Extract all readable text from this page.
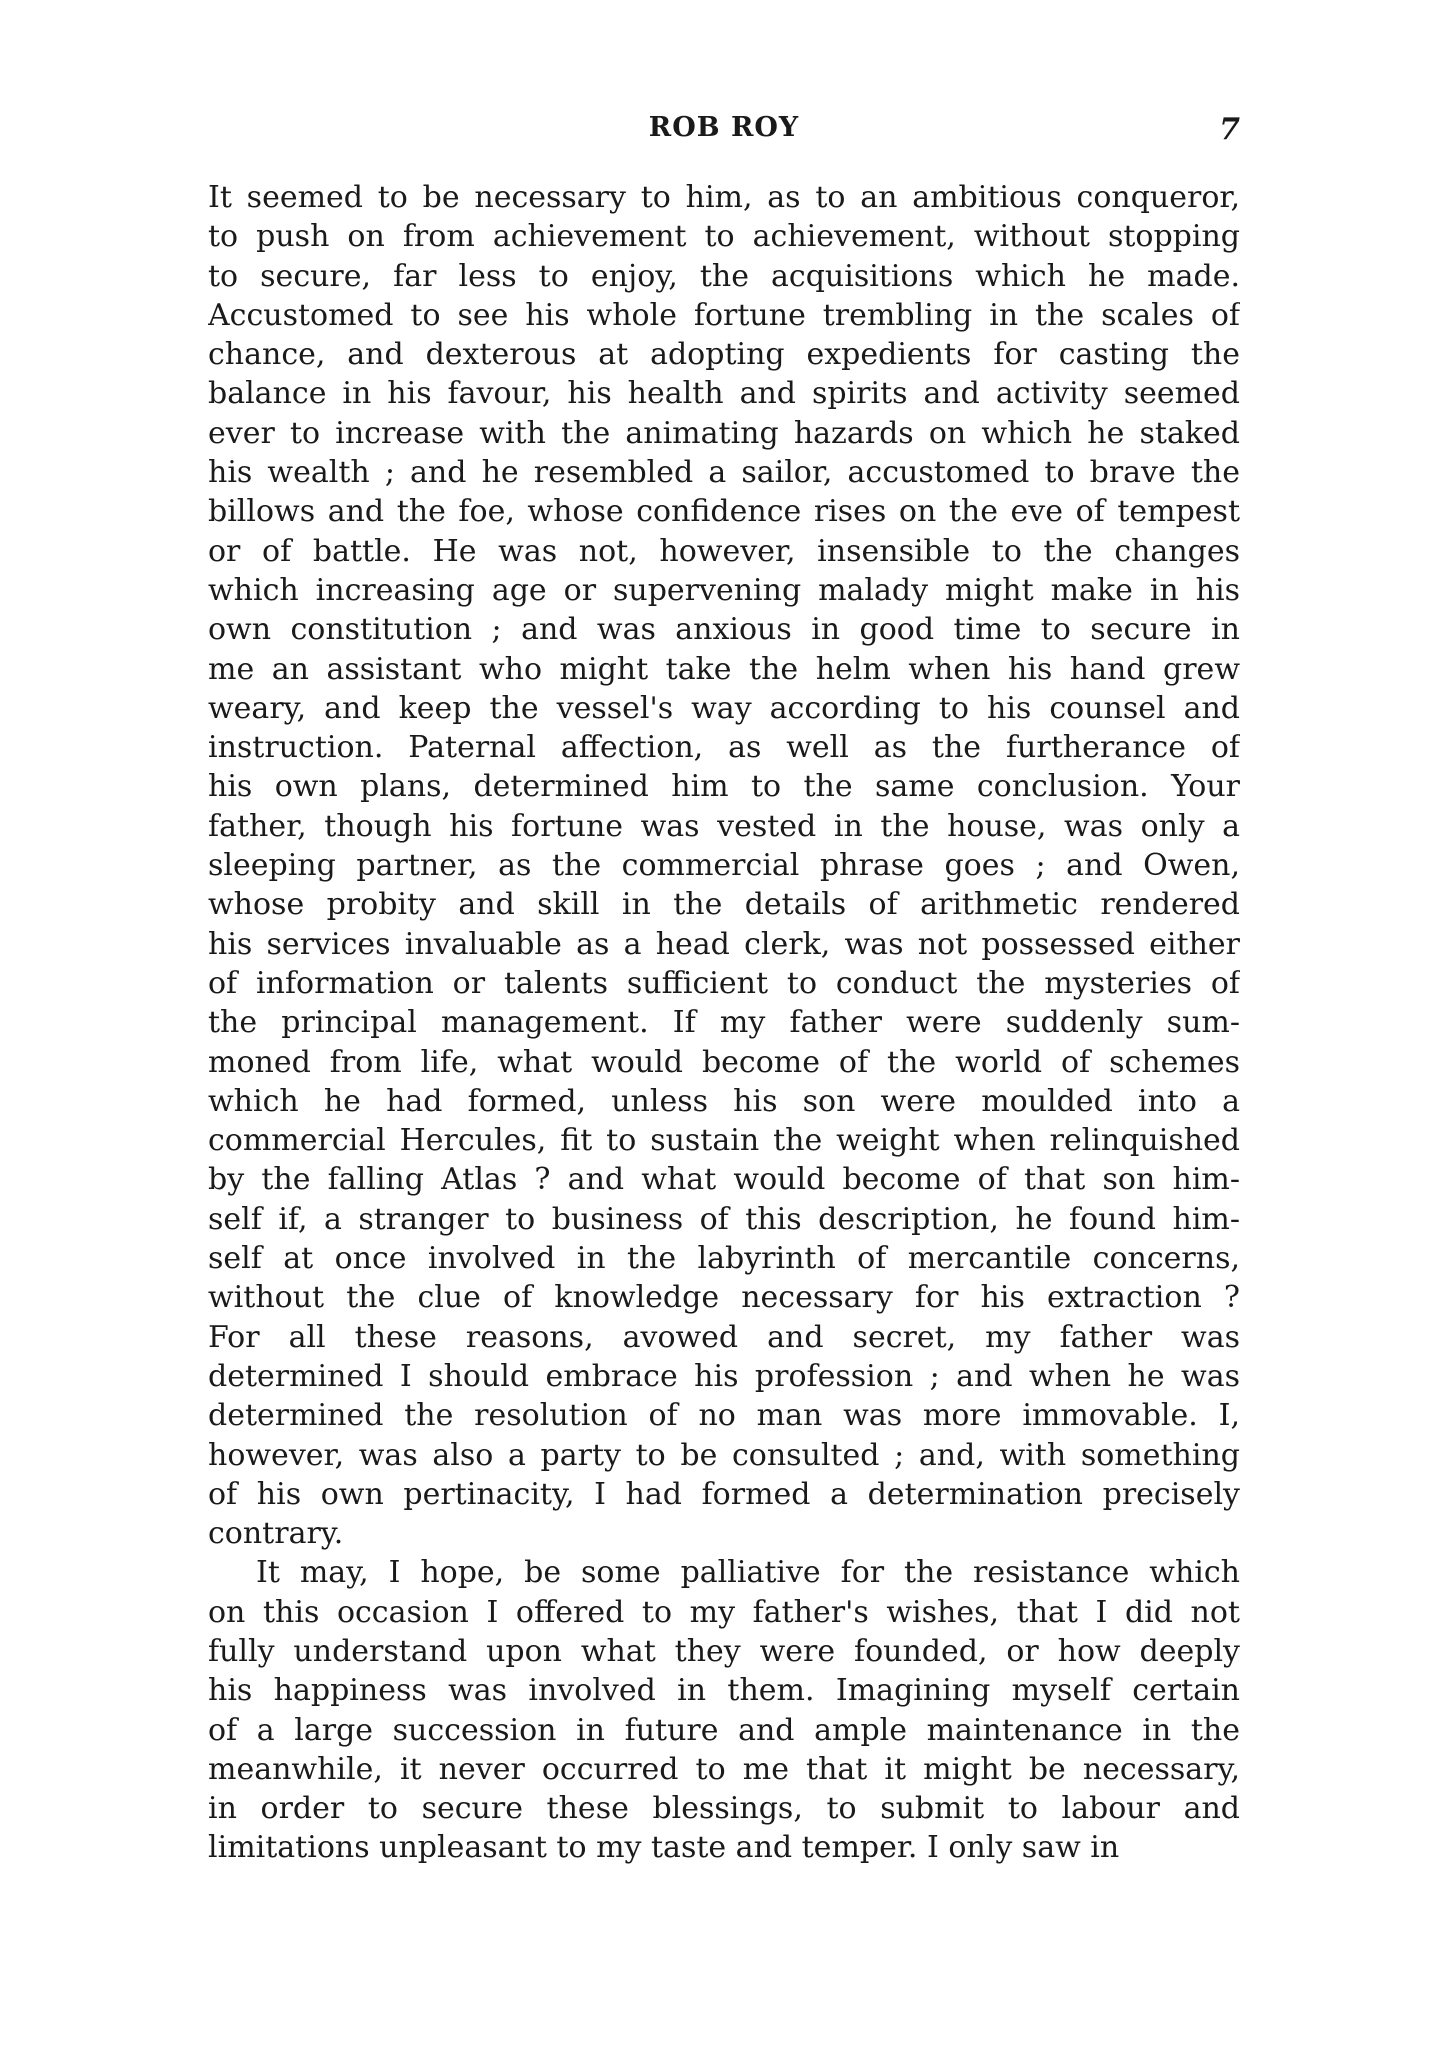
ROB ROY	7
It seemed to be necessary to him, as to an ambitious conqueror,
to push on from achievement to achievement, without stopping
to secure, far less to enjoy, the acquisitions which he made.
Accustomed to see his whole fortune trembling in the scales of
chance, and dexterous at adopting expedients for casting the
balance in his favour, his health and spirits and activity seemed
ever to increase with the animating hazards on which he staked
his wealth ; and he resembled a sailor, accustomed to brave the
billows and the foe, whose confidence rises on the eve of tempest
or of battle. He was not, however, insensible to the changes
which increasing age or supervening malady might make in his
own constitution ; and was anxious in good time to secure in
me an assistant who might take the helm when his hand grew
weary, and keep the vessel's way according to his counsel and
instruction. Paternal affection, as well as the furtherance of
his own plans, determined him to the same conclusion. Your
father, though his fortune was vested in the house, was only a
sleeping partner, as the commercial phrase goes ; and Owen,
whose probity and skill in the details of arithmetic rendered
his services invaluable as a head clerk, was not possessed either
of information or talents sufficient to conduct the mysteries of
the principal management. If my father were suddenly sum-
moned from life, what would become of the world of schemes
which he had formed, unless his son were moulded into a
commercial Hercules, fit to sustain the weight when relinquished
by the falling Atlas ? and what would become of that son him-
self if, a stranger to business of this description, he found him-
self at once involved in the labyrinth of mercantile concerns,
without the clue of knowledge necessary for his extraction ?
For all these reasons, avowed and secret, my father was
determined I should embrace his profession ; and when he was
determined the resolution of no man was more immovable. I,
however, was also a party to be consulted ; and, with something
of his own pertinacity, I had formed a determination precisely
contrary.
It may, I hope, be some palliative for the resistance which
on this occasion I offered to my father's wishes, that I did not
fully understand upon what they were founded, or how deeply
his happiness was involved in them. Imagining myself certain
of a large succession in future and ample maintenance in the
meanwhile, it never occurred to me that it might be necessary,
in order to secure these blessings, to submit to labour and
limitations unpleasant to my taste and temper. I only saw in
